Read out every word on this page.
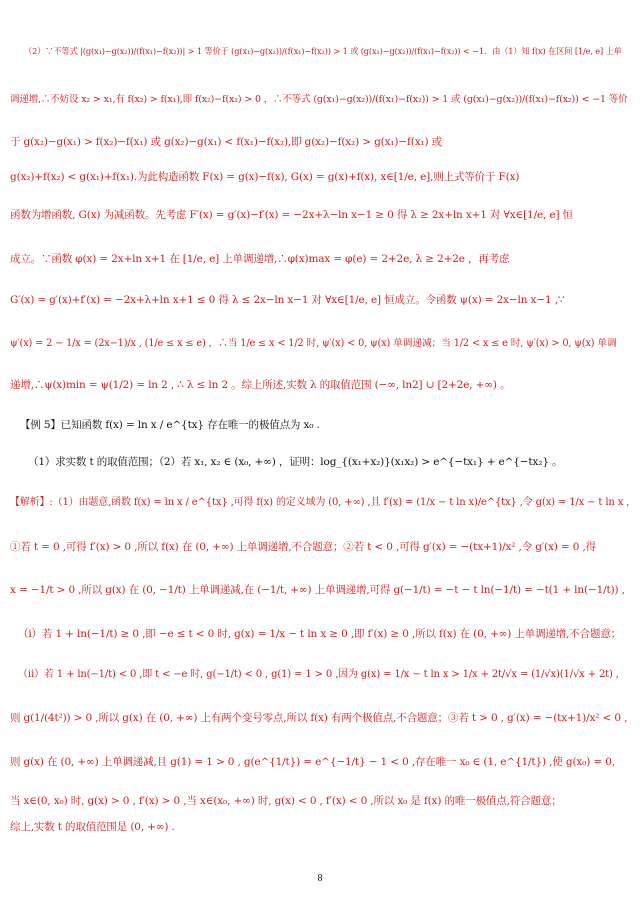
（2）∵不等式 |(g(x₁)−g(x₂))/(f(x₁)−f(x₂))| > 1 等价于 (g(x₁)−g(x₂))/(f(x₁)−f(x₂)) > 1 或 (g(x₁)−g(x₂))/(f(x₁)−f(x₂)) < −1．由（1）知 f(x) 在区间 [1/e, e] 上单
调递增,∴不妨设 x₂ > x₁,有 f(x₂) > f(x₁),即 f(x₂)−f(x₁) > 0 ，∴不等式 (g(x₁)−g(x₂))/(f(x₁)−f(x₂)) > 1 或 (g(x₁)−g(x₂))/(f(x₁)−f(x₂)) < −1 等价
于 g(x₂)−g(x₁) > f(x₂)−f(x₁) 或 g(x₂)−g(x₁) < f(x₁)−f(x₂),即 g(x₂)−f(x₂) > g(x₁)−f(x₁) 或
g(x₂)+f(x₂) < g(x₁)+f(x₁).为此构造函数 F(x) = g(x)−f(x), G(x) = g(x)+f(x), x∈[1/e, e],则上式等价于 F(x)
函数为增函数, G(x) 为减函数。先考虑 F′(x) = g′(x)−f′(x) = −2x+λ−ln x−1 ≥ 0 得 λ ≥ 2x+ln x+1 对 ∀x∈[1/e, e] 恒
成立。∵函数 φ(x) = 2x+ln x+1 在 [1/e, e] 上单调递增,∴φ(x)max = φ(e) = 2+2e, λ ≥ 2+2e ，再考虑
G′(x) = g′(x)+f′(x) = −2x+λ+ln x+1 ≤ 0 得 λ ≤ 2x−ln x−1 对 ∀x∈[1/e, e] 恒成立。令函数 ψ(x) = 2x−ln x−1 ,∵
ψ′(x) = 2 − 1/x = (2x−1)/x , (1/e ≤ x ≤ e) ，∴当 1/e ≤ x < 1/2 时, ψ′(x) < 0, ψ(x) 单调递减；当 1/2 < x ≤ e 时, ψ′(x) > 0, ψ(x) 单调
递增,∴ψ(x)min = ψ(1/2) = ln 2 , ∴ λ ≤ ln 2 。综上所述,实数 λ 的取值范围 (−∞, ln2] ∪ [2+2e, +∞) 。
【例 5】已知函数 f(x) = ln x / e^{tx} 存在唯一的极值点为 x₀ .
（1）求实数 t 的取值范围；（2）若 x₁, x₂ ∈ (x₀, +∞) ，证明：log_{(x₁+x₂)}(x₁x₂) > e^{−tx₁} + e^{−tx₂} 。
【解析】:（1）由题意,函数 f(x) = ln x / e^{tx} ,可得 f(x) 的定义域为 (0, +∞) ,且 f′(x) = (1/x − t ln x)/e^{tx} ,令 g(x) = 1/x − t ln x ,
①若 t = 0 ,可得 f′(x) > 0 ,所以 f(x) 在 (0, +∞) 上单调递增,不合题意；②若 t < 0 ,可得 g′(x) = −(tx+1)/x² ,令 g′(x) = 0 ,得
x = −1/t > 0 ,所以 g(x) 在 (0, −1/t) 上单调递减,在 (−1/t, +∞) 上单调递增,可得 g(−1/t) = −t − t ln(−1/t) = −t(1 + ln(−1/t)) ,
（ⅰ）若 1 + ln(−1/t) ≥ 0 ,即 −e ≤ t < 0 时, g(x) = 1/x − t ln x ≥ 0 ,即 f′(x) ≥ 0 ,所以 f(x) 在 (0, +∞) 上单调递增,不合题意；
（ⅱ）若 1 + ln(−1/t) < 0 ,即 t < −e 时, g(−1/t) < 0 , g(1) = 1 > 0 ,因为 g(x) = 1/x − t ln x > 1/x + 2t/√x = (1/√x)(1/√x + 2t) ,
则 g(1/(4t²)) > 0 ,所以 g(x) 在 (0, +∞) 上有两个变号零点,所以 f(x) 有两个极值点,不合题意；③若 t > 0 , g′(x) = −(tx+1)/x² < 0 ,
则 g(x) 在 (0, +∞) 上单调递减,且 g(1) = 1 > 0 , g(e^{1/t}) = e^{−1/t} − 1 < 0 ,存在唯一 x₀ ∈ (1, e^{1/t}) ,使 g(x₀) = 0,
当 x∈(0, x₀) 时, g(x) > 0 , f′(x) > 0 ,当 x∈(x₀, +∞) 时, g(x) < 0 , f′(x) < 0 ,所以 x₀ 是 f(x) 的唯一极值点,符合题意；
综上,实数 t 的取值范围是 (0, +∞) .
8
